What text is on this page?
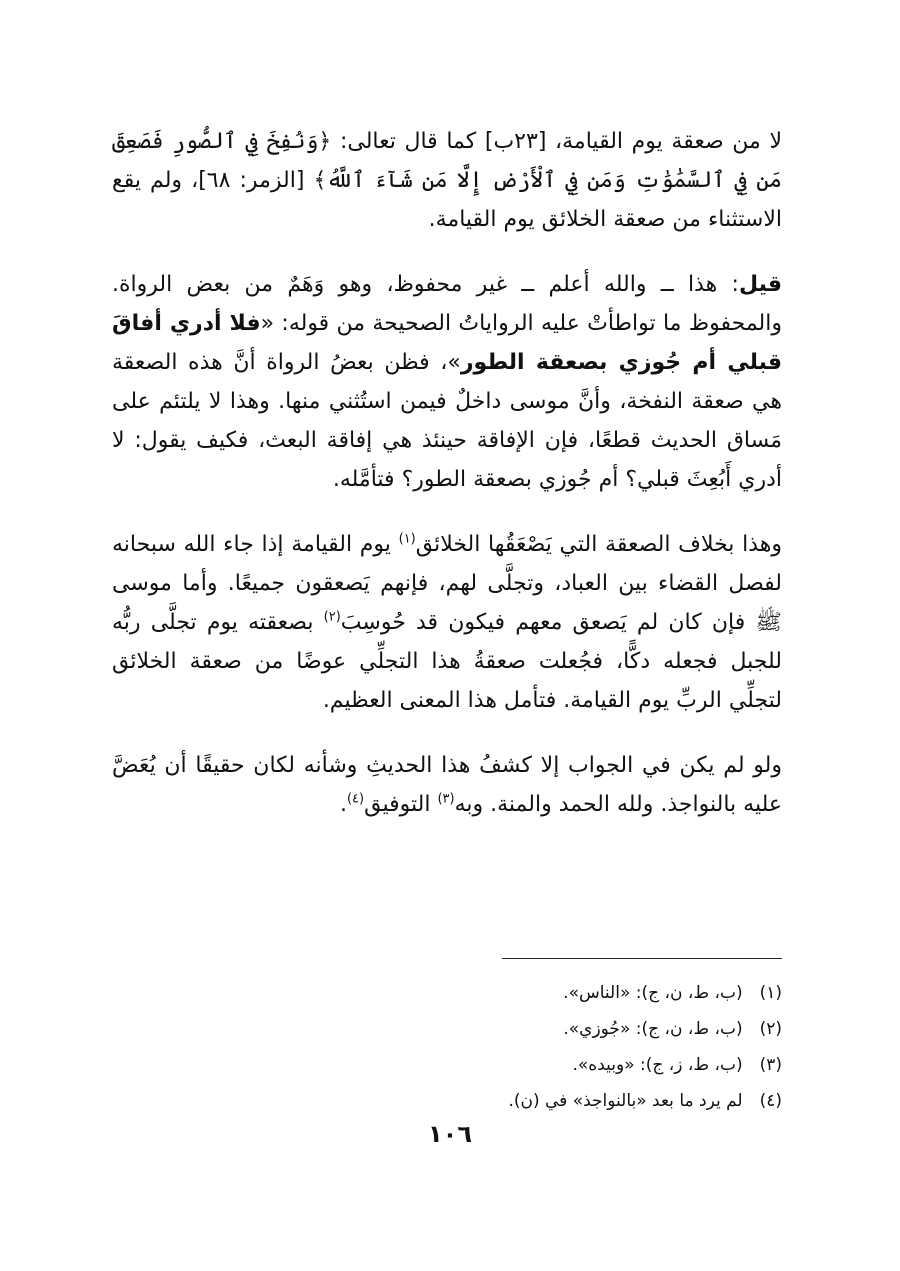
لا من صعقة يوم القيامة، [٢٣ب] كما قال تعالى: ﴿وَنُفِخَ فِي ٱلصُّورِ فَصَعِقَ مَن فِي ٱلسَّمَٰوَٰتِ وَمَن فِي ٱلْأَرْضِ إِلَّا مَن شَآءَ ٱللَّهُ﴾ [الزمر: ٦٨]، ولم يقع الاستثناء من صعقة الخلائق يوم القيامة.

قيل: هذا ــ والله أعلم ــ غير محفوظ، وهو وَهَمٌ من بعض الرواة. والمحفوظ ما تواطأتْ عليه الرواياتُ الصحيحة من قوله: «فلا أدري أفاقَ قبلي أم جُوزي بصعقة الطور»، فظن بعضُ الرواة أنَّ هذه الصعقة هي صعقة النفخة، وأنَّ موسى داخلٌ فيمن استُثني منها. وهذا لا يلتئم على مَساق الحديث قطعًا، فإن الإفاقة حينئذ هي إفاقة البعث، فكيف يقول: لا أدري أَبُعِثَ قبلي؟ أم جُوزي بصعقة الطور؟ فتأمَّله.

وهذا بخلاف الصعقة التي يَصْعَقُها الخلائق$^{(١)}$ يوم القيامة إذا جاء الله سبحانه لفصل القضاء بين العباد، وتجلَّى لهم، فإنهم يَصعقون جميعًا. وأما موسى ﷺ فإن كان لم يَصعق معهم فيكون قد حُوسِبَ$^{(٢)}$ بصعقته يوم تجلَّى ربُّه للجبل فجعله دكًّا، فجُعلت صعقةُ هذا التجلِّي عوضًا من صعقة الخلائق لتجلِّي الربِّ يوم القيامة. فتأمل هذا المعنى العظيم.

ولو لم يكن في الجواب إلا كشفُ هذا الحديثِ وشأنه لكان حقيقًا أن يُعَضَّ عليه بالنواجذ. ولله الحمد والمنة. وبه$^{(٣)}$ التوفيق$^{(٤)}$.

(١) (ب، ط، ن، ج): «الناس».
(٢) (ب، ط، ن، ج): «جُوزي».
(٣) (ب، ط، ز، ج): «وبيده».
(٤) لم يرد ما بعد «بالنواجذ» في (ن).
١٠٦
